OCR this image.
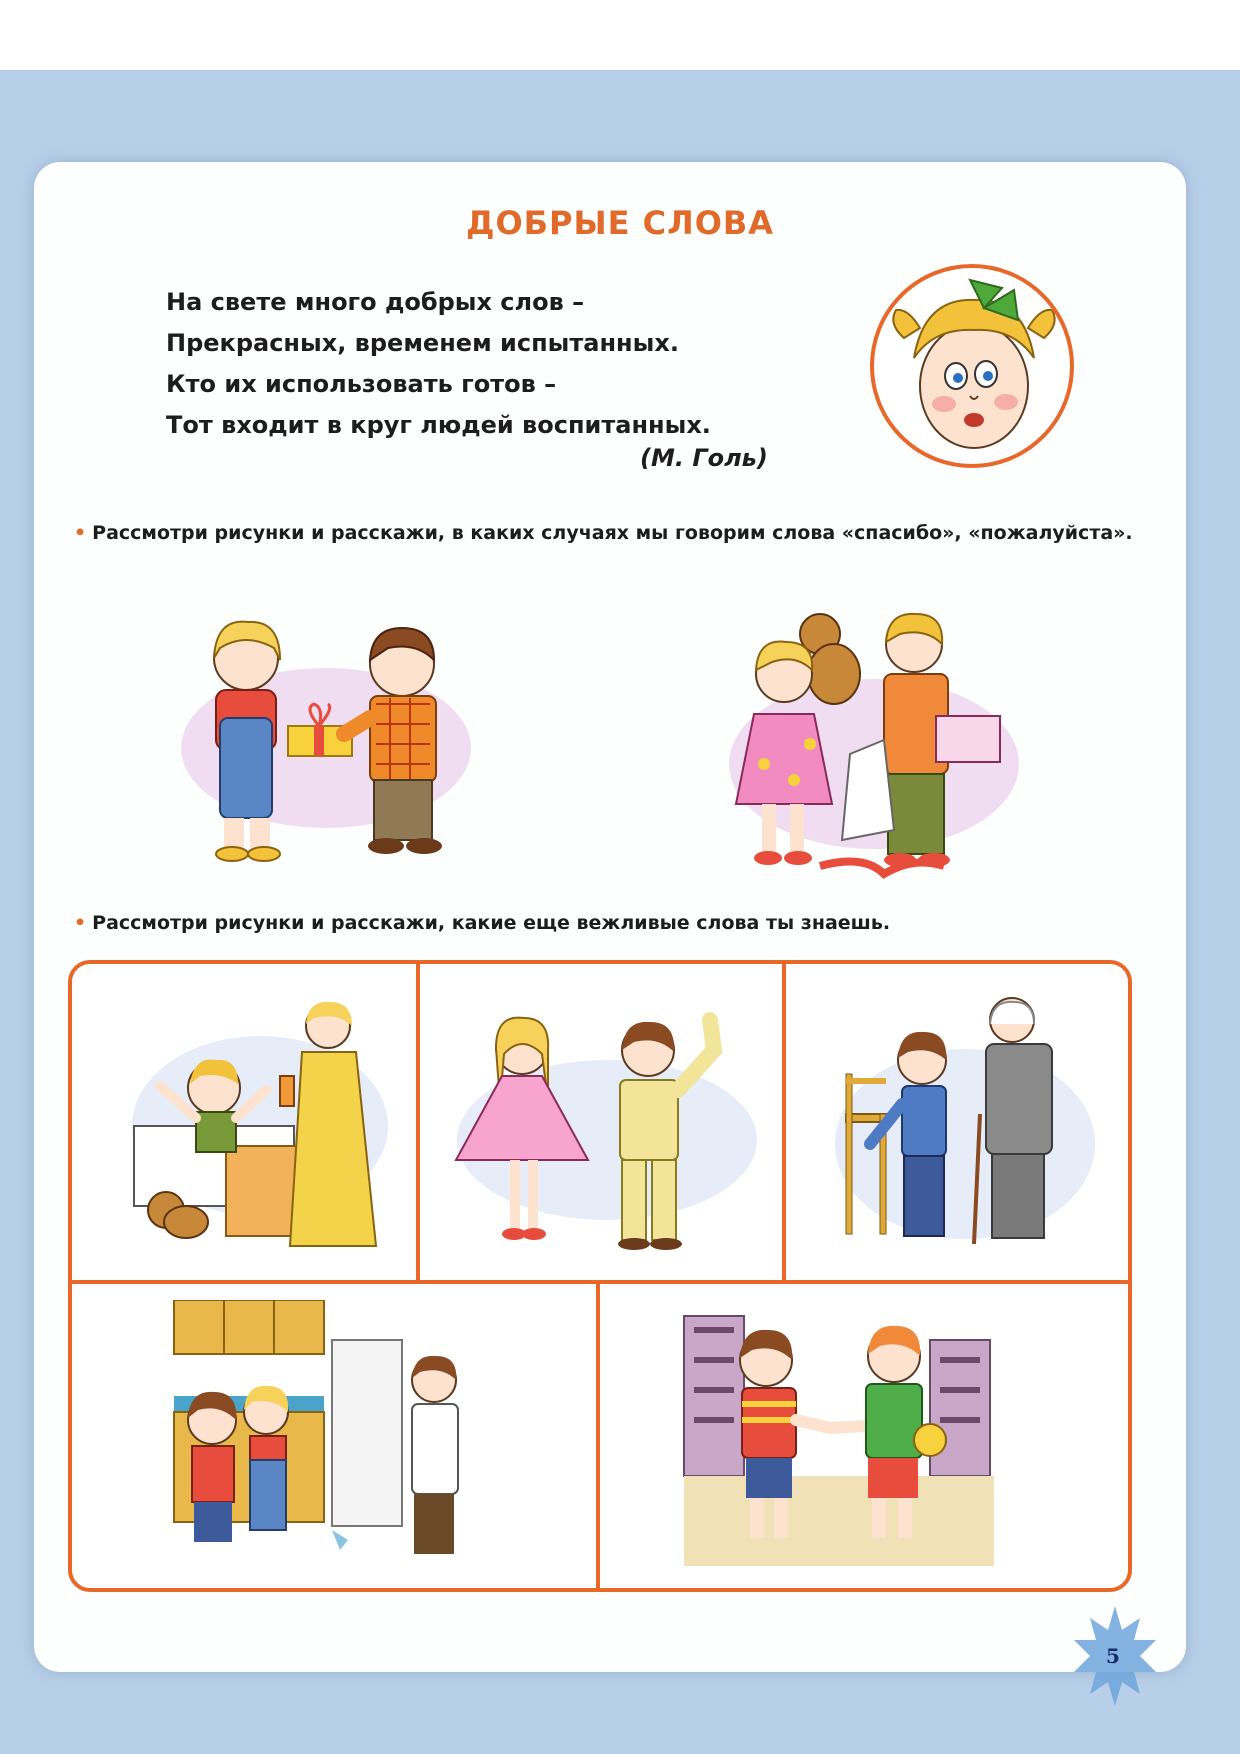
ДОБРЫЕ СЛОВА
На свете много добрых слов –
Прекрасных, временем испытанных.
Кто их использовать готов –
Тот входит в круг людей воспитанных.
(М. Голь)
• Рассмотри рисунки и расскажи, в каких случаях мы говорим слова «спасибо», «пожалуйста».
• Рассмотри рисунки и расскажи, какие еще вежливые слова ты знаешь.
5
